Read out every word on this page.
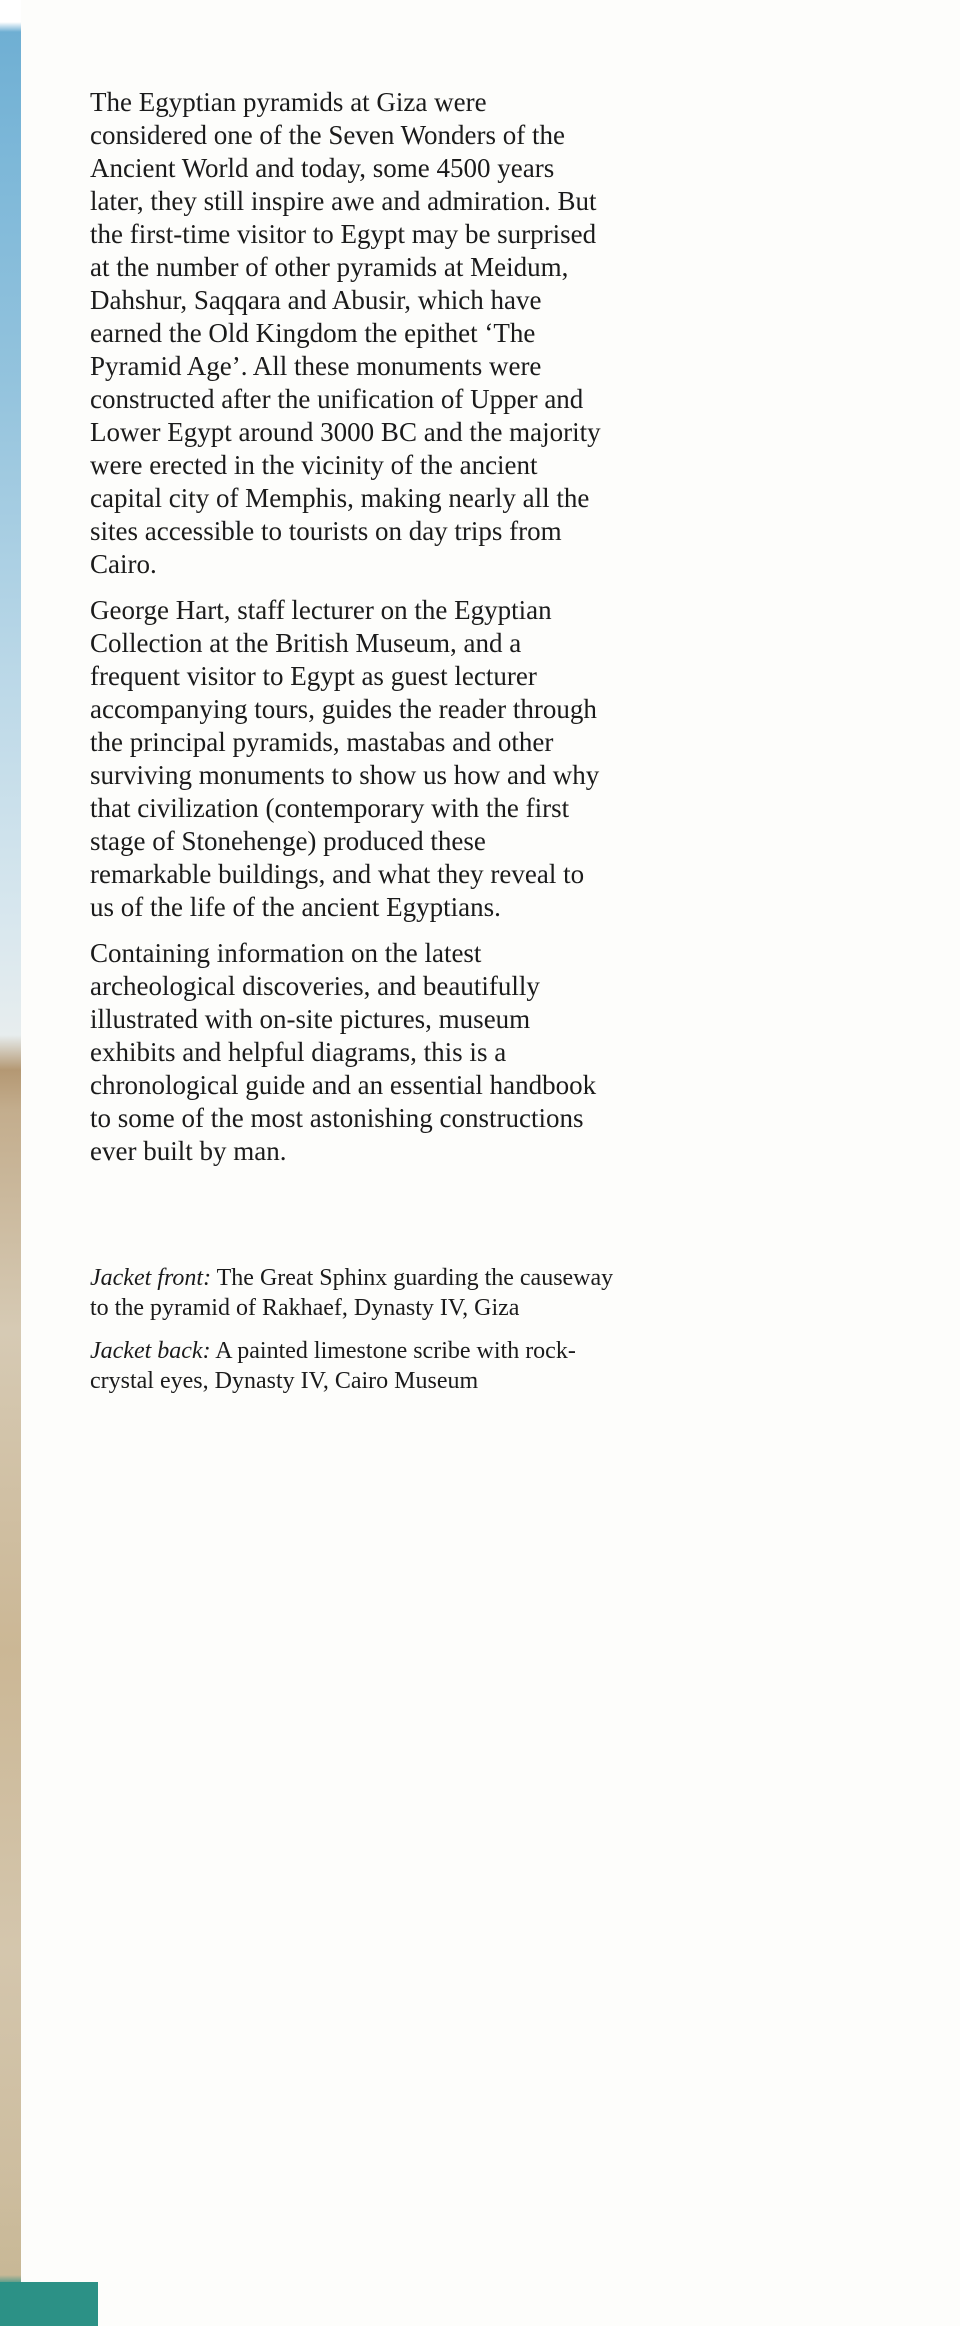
The Egyptian pyramids at Giza were considered one of the Seven Wonders of the Ancient World and today, some 4500 years later, they still inspire awe and admiration. But the first-time visitor to Egypt may be surprised at the number of other pyramids at Meidum, Dahshur, Saqqara and Abusir, which have earned the Old Kingdom the epithet ‘The Pyramid Age’. All these monuments were constructed after the unification of Upper and Lower Egypt around 3000 BC and the majority were erected in the vicinity of the ancient capital city of Memphis, making nearly all the sites accessible to tourists on day trips from Cairo.

George Hart, staff lecturer on the Egyptian Collection at the British Museum, and a frequent visitor to Egypt as guest lecturer accompanying tours, guides the reader through the principal pyramids, mastabas and other surviving monuments to show us how and why that civilization (contemporary with the first stage of Stonehenge) produced these remarkable buildings, and what they reveal to us of the life of the ancient Egyptians.

Containing information on the latest archeological discoveries, and beautifully illustrated with on-site pictures, museum exhibits and helpful diagrams, this is a chronological guide and an essential handbook to some of the most astonishing constructions ever built by man.

Jacket front: The Great Sphinx guarding the causeway to the pyramid of Rakhaef, Dynasty IV, Giza

Jacket back: A painted limestone scribe with rock-crystal eyes, Dynasty IV, Cairo Museum
